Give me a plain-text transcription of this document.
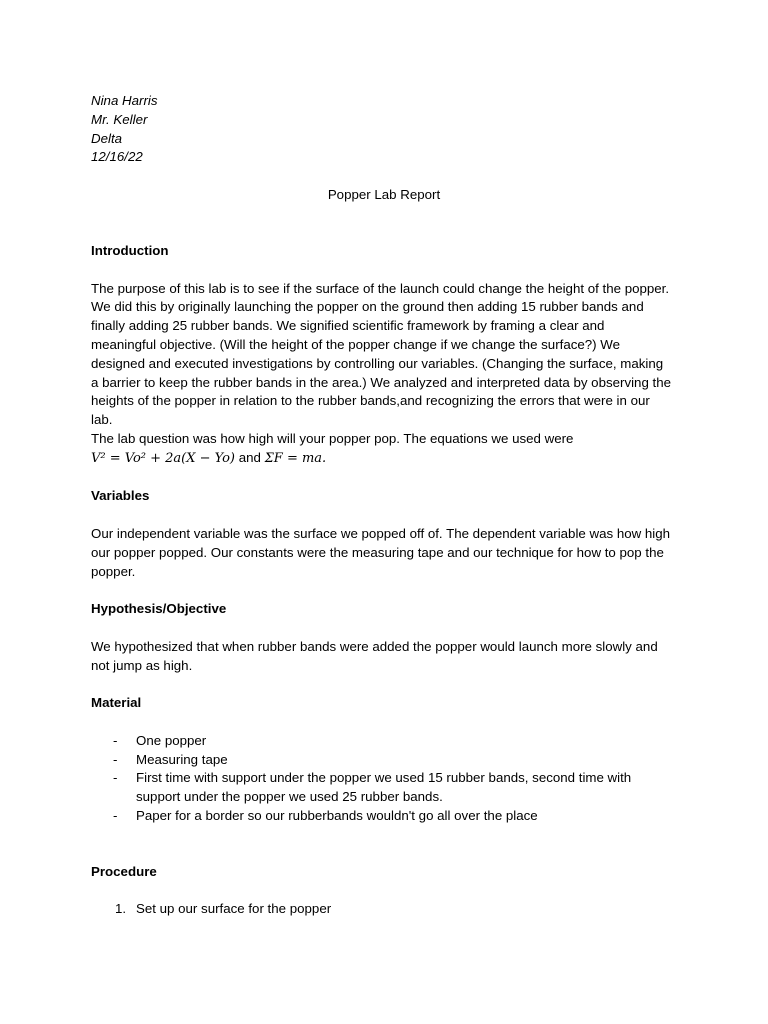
Nina Harris
Mr. Keller
Delta
12/16/22
Popper Lab Report

Introduction

The purpose of this lab is to see if the surface of the launch could change the height of the popper. We did this by originally launching the popper on the ground then adding 15 rubber bands and finally adding 25 rubber bands. We signified scientific framework by framing a clear and meaningful objective. (Will the height of the popper change if we change the surface?) We designed and executed investigations by controlling our variables. (Changing the surface, making a barrier to keep the rubber bands in the area.) We analyzed and interpreted data by observing the heights of the popper in relation to the rubber bands,and recognizing the errors that were in our lab.

The lab question was how high will your popper pop. The equations we used were

V² = Vo² + 2a(X − Yo) and ΣF = ma.

Variables

Our independent variable was the surface we popped off of. The dependent variable was how high our popper popped. Our constants were the measuring tape and our technique for how to pop the popper.

Hypothesis/Objective

We hypothesized that when rubber bands were added the popper would launch more slowly and not jump as high.

Material

- One popper
- Measuring tape
- First time with support under the popper we used 15 rubber bands, second time with support under the popper we used 25 rubber bands.
- Paper for a border so our rubberbands wouldn't go all over the place

Procedure

1. Set up our surface for the popper
